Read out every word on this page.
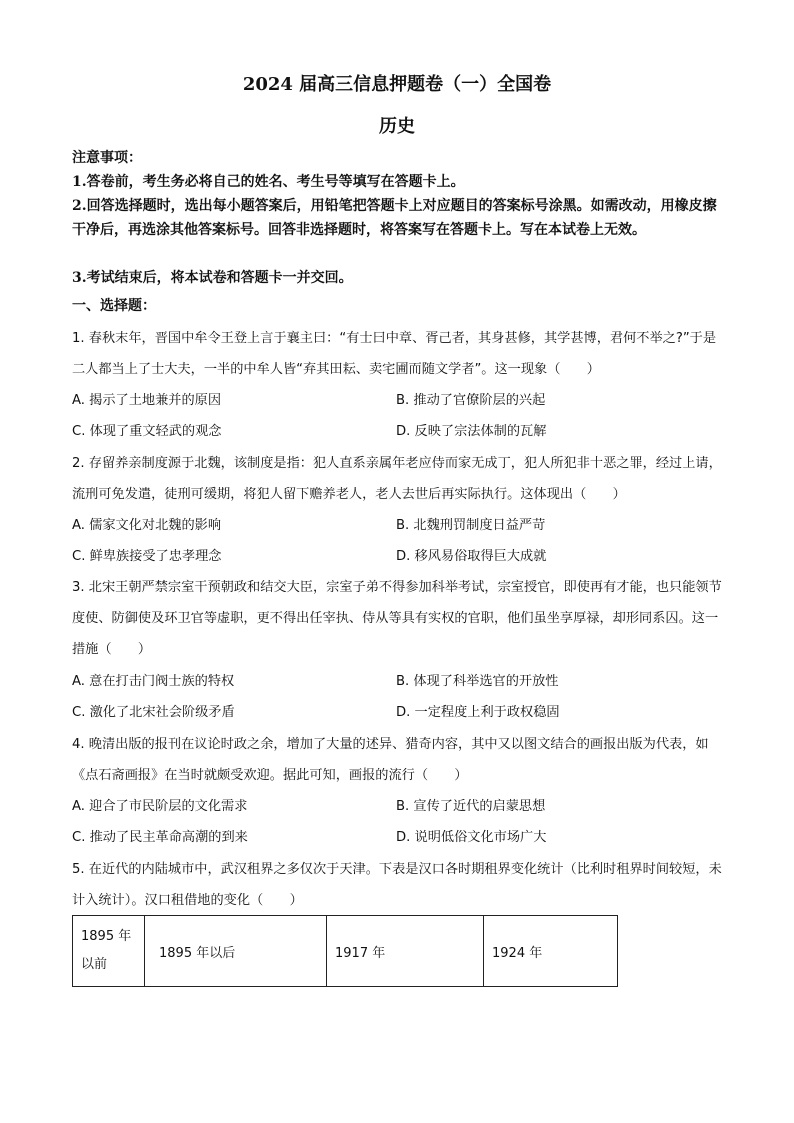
2024 届高三信息押题卷（一）全国卷
历史
注意事项：
1.答卷前，考生务必将自己的姓名、考生号等填写在答题卡上。
2.回答选择题时，选出每小题答案后，用铅笔把答题卡上对应题目的答案标号涂黑。如需改动，用橡皮擦干净后，再选涂其他答案标号。回答非选择题时，将答案写在答题卡上。写在本试卷上无效。
3.考试结束后，将本试卷和答题卡一并交回。
一、选择题：
1. 春秋末年，晋国中牟令王登上言于襄主曰：“有士曰中章、胥己者，其身甚修，其学甚博，君何不举之?”于是二人都当上了士大夫，一半的中牟人皆“弃其田耘、卖宅圃而随文学者”。这一现象（　　）
A. 揭示了土地兼并的原因	B. 推动了官僚阶层的兴起
C. 体现了重文轻武的观念	D. 反映了宗法体制的瓦解
2. 存留养亲制度源于北魏，该制度是指：犯人直系亲属年老应侍而家无成丁，犯人所犯非十恶之罪，经过上请，流刑可免发遣，徒刑可缓期，将犯人留下赡养老人，老人去世后再实际执行。这体现出（　　）
A. 儒家文化对北魏的影响	B. 北魏刑罚制度日益严苛
C. 鲜卑族接受了忠孝理念	D. 移风易俗取得巨大成就
3. 北宋王朝严禁宗室干预朝政和结交大臣，宗室子弟不得参加科举考试，宗室授官，即使再有才能，也只能领节度使、防御使及环卫官等虚职，更不得出任宰执、侍从等具有实权的官职，他们虽坐享厚禄，却形同系囚。这一措施（　　）
A. 意在打击门阀士族的特权	B. 体现了科举选官的开放性
C. 激化了北宋社会阶级矛盾	D. 一定程度上利于政权稳固
4. 晚清出版的报刊在议论时政之余，增加了大量的述异、猎奇内容，其中又以图文结合的画报出版为代表，如《点石斋画报》在当时就颇受欢迎。据此可知，画报的流行（　　）
A. 迎合了市民阶层的文化需求	B. 宣传了近代的启蒙思想
C. 推动了民主革命高潮的到来	D. 说明低俗文化市场广大
5. 在近代的内陆城市中，武汉租界之多仅次于天津。下表是汉口各时期租界变化统计（比利时租界时间较短，未计入统计）。汉口租借地的变化（　　）
1895 年以前	1895 年以后	1917 年	1924 年
